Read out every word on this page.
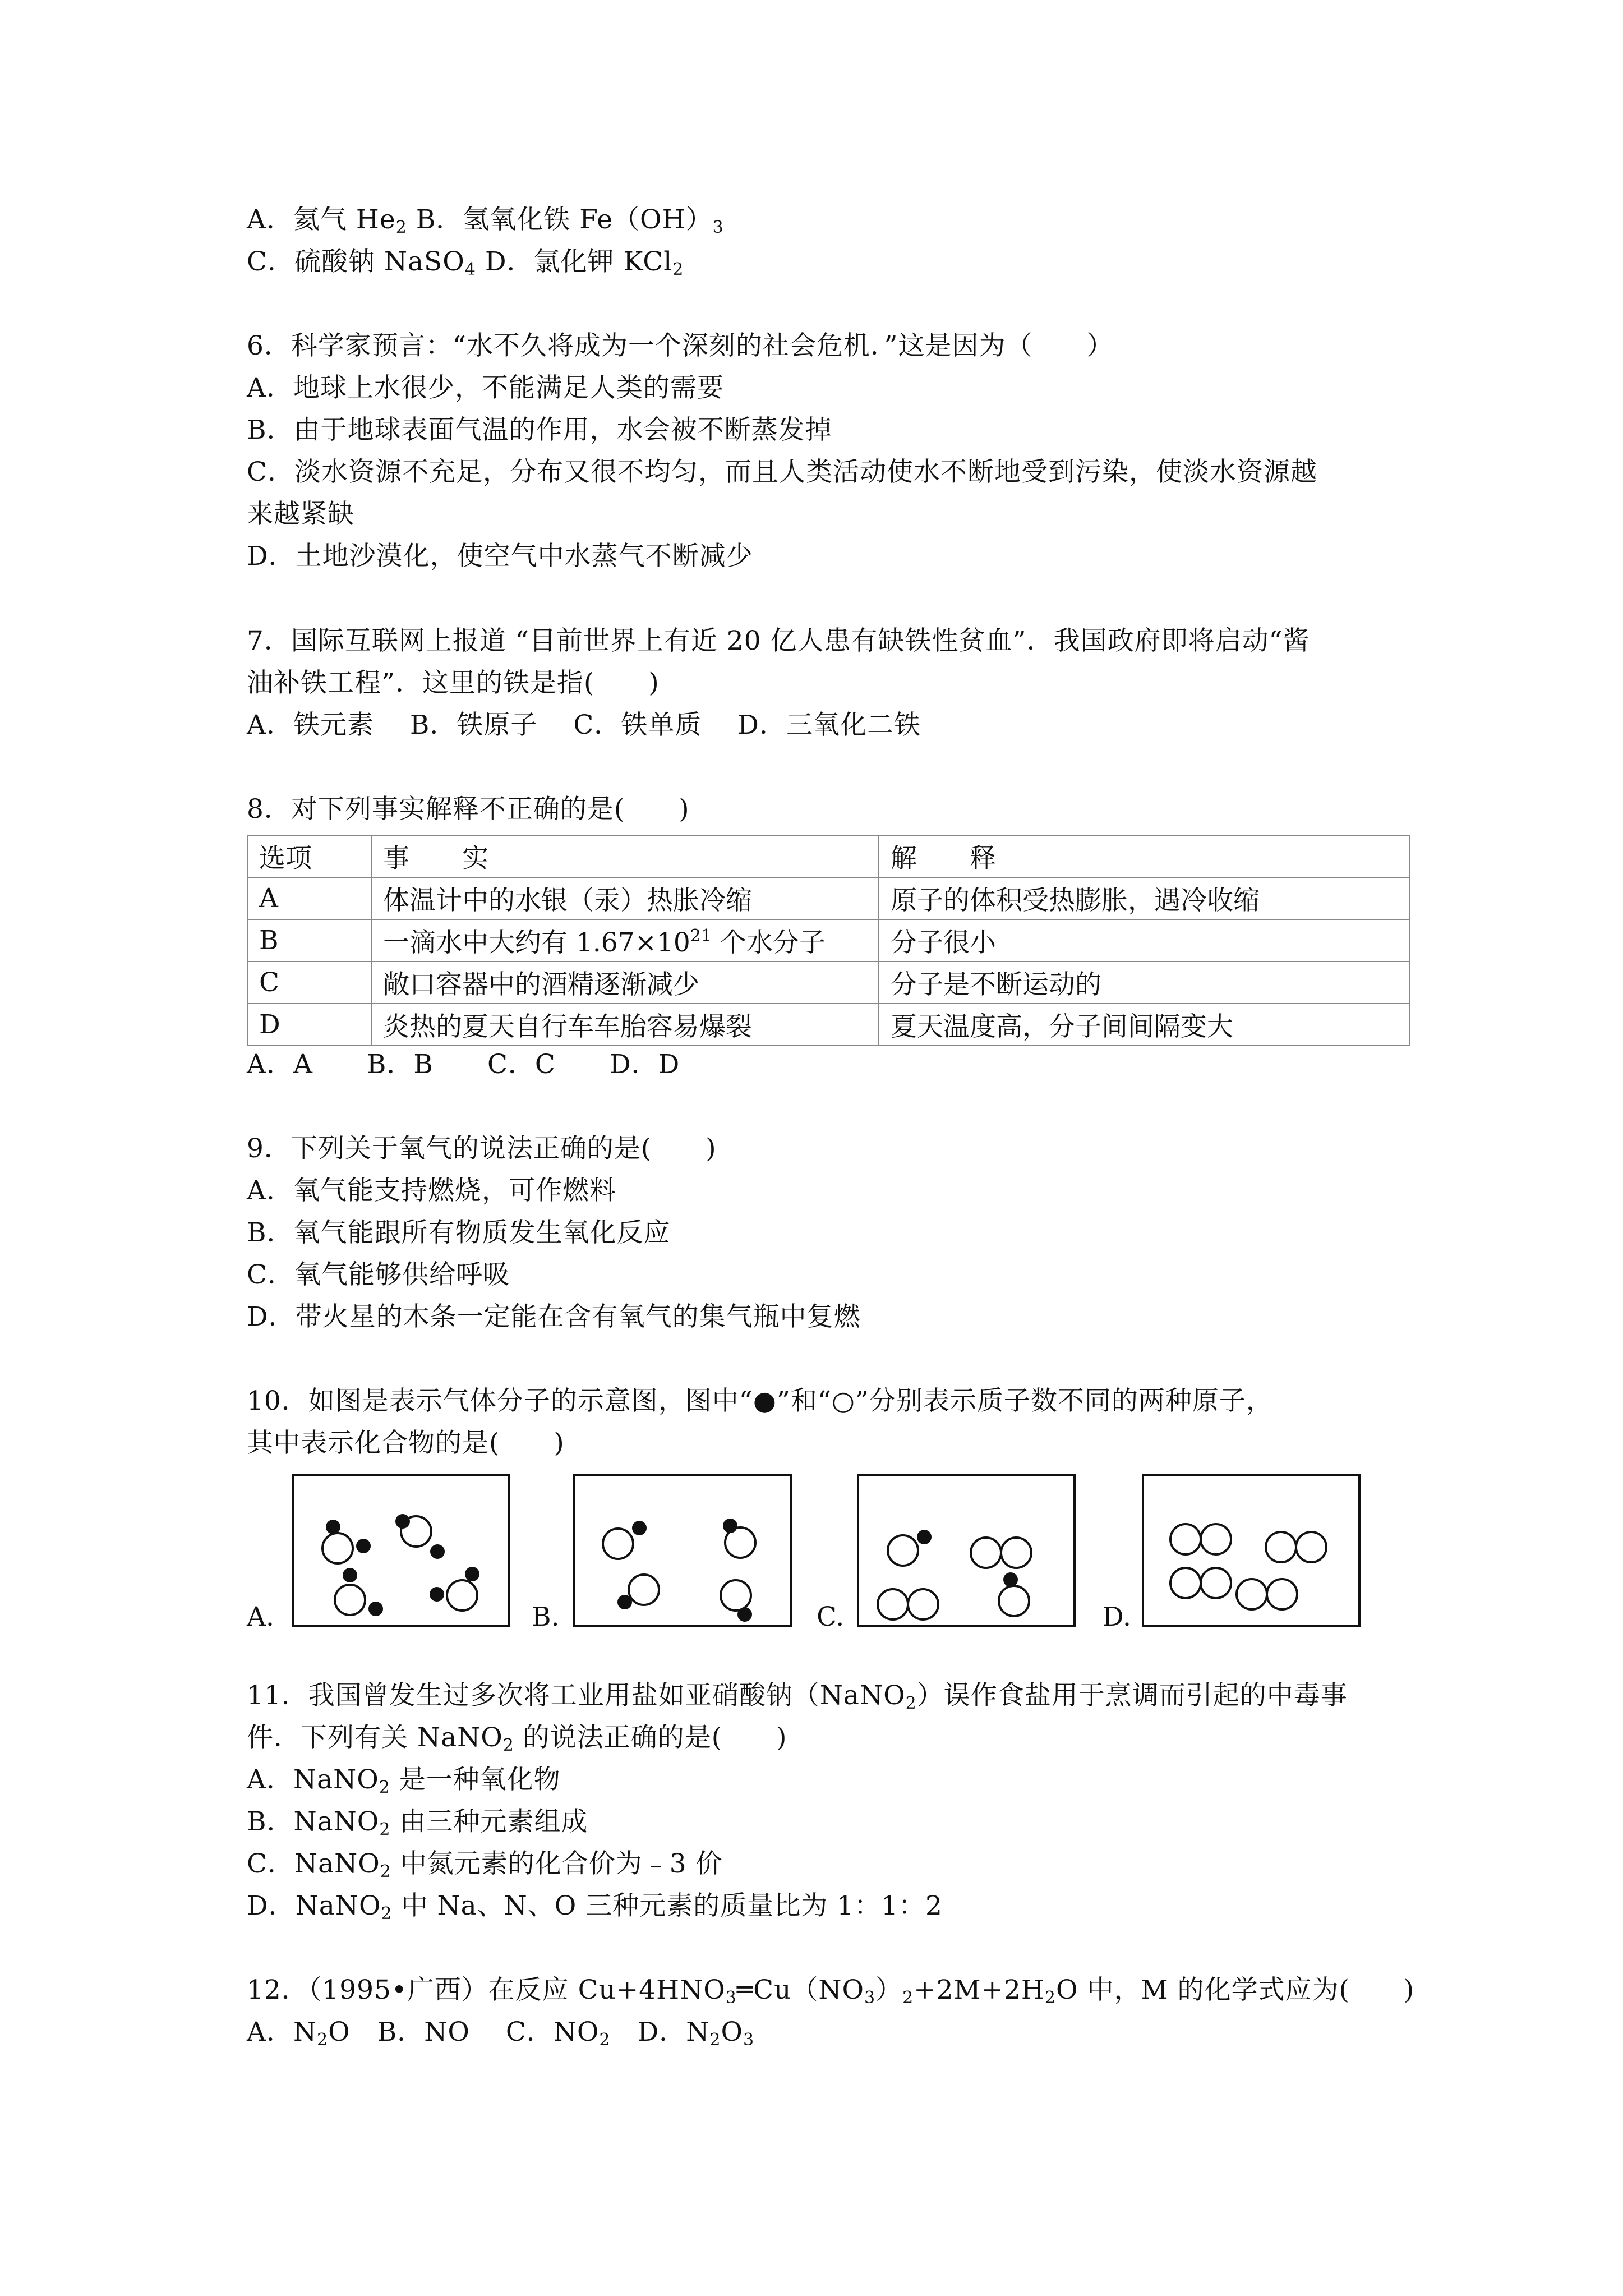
A．氦气 $He_2$ B．氢氧化铁 $Fe(OH)_3$
C．硫酸钠 NaSO$_4$ D．氯化钾 KCl$_2$
6．科学家预言：“水不久将成为一个深刻的社会危机．”这是因为（　　）
A．地球上水很少，不能满足人类的需要
B．由于地球表面气温的作用，水会被不断蒸发掉
C．淡水资源不充足，分布又很不均匀，而且人类活动使水不断地受到污染，使淡水资源越
来越紧缺
D．土地沙漠化，使空气中水蒸气不断减少
7．国际互联网上报道 “目前世界上有近 20 亿人患有缺铁性贫血”．我国政府即将启动“酱
油补铁工程”．这里的铁是指(　　)
A．铁元素　 B．铁原子　 C．铁单质　 D．三氧化二铁
8．对下列事实解释不正确的是(　　)
选项	事　　实	解　　释
A	体温计中的水银（汞）热胀冷缩	原子的体积受热膨胀，遇冷收缩
B	一滴水中大约有 $1.67\times 10^{21}$ 个水分子	分子很小
C	敞口容器中的酒精逐渐减少	分子是不断运动的
D	炎热的夏天自行车车胎容易爆裂	夏天温度高，分子间间隔变大
A．A　　B．B　　C．C　　D．D
9．下列关于氧气的说法正确的是(　　)
A．氧气能支持燃烧，可作燃料
B．氧气能跟所有物质发生氧化反应
C．氧气能够供给呼吸
D．带火星的木条一定能在含有氧气的集气瓶中复燃
10．如图是表示气体分子的示意图，图中“●”和“○”分别表示质子数不同的两种原子，
其中表示化合物的是(　　)
A.	B.	C.	D.
11．我国曾发生过多次将工业用盐如亚硝酸钠（NaNO$_2$）误作食盐用于烹调而引起的中毒事
件．下列有关 NaNO$_2$ 的说法正确的是(　　)
A．NaNO$_2$ 是一种氧化物
B．NaNO$_2$ 由三种元素组成
C．NaNO$_2$ 中氮元素的化合价为﹣3 价
D．NaNO$_2$ 中 Na、N、O 三种元素的质量比为 1：1：2
12．（1995•广西）在反应 $Cu+4HNO_3═Cu(NO_3)_2+2M+2H_2O$ 中，M 的化学式应为(　　)
A．$N_2O$　B．NO　 C．$NO_2$　D．$N_2O_3$
